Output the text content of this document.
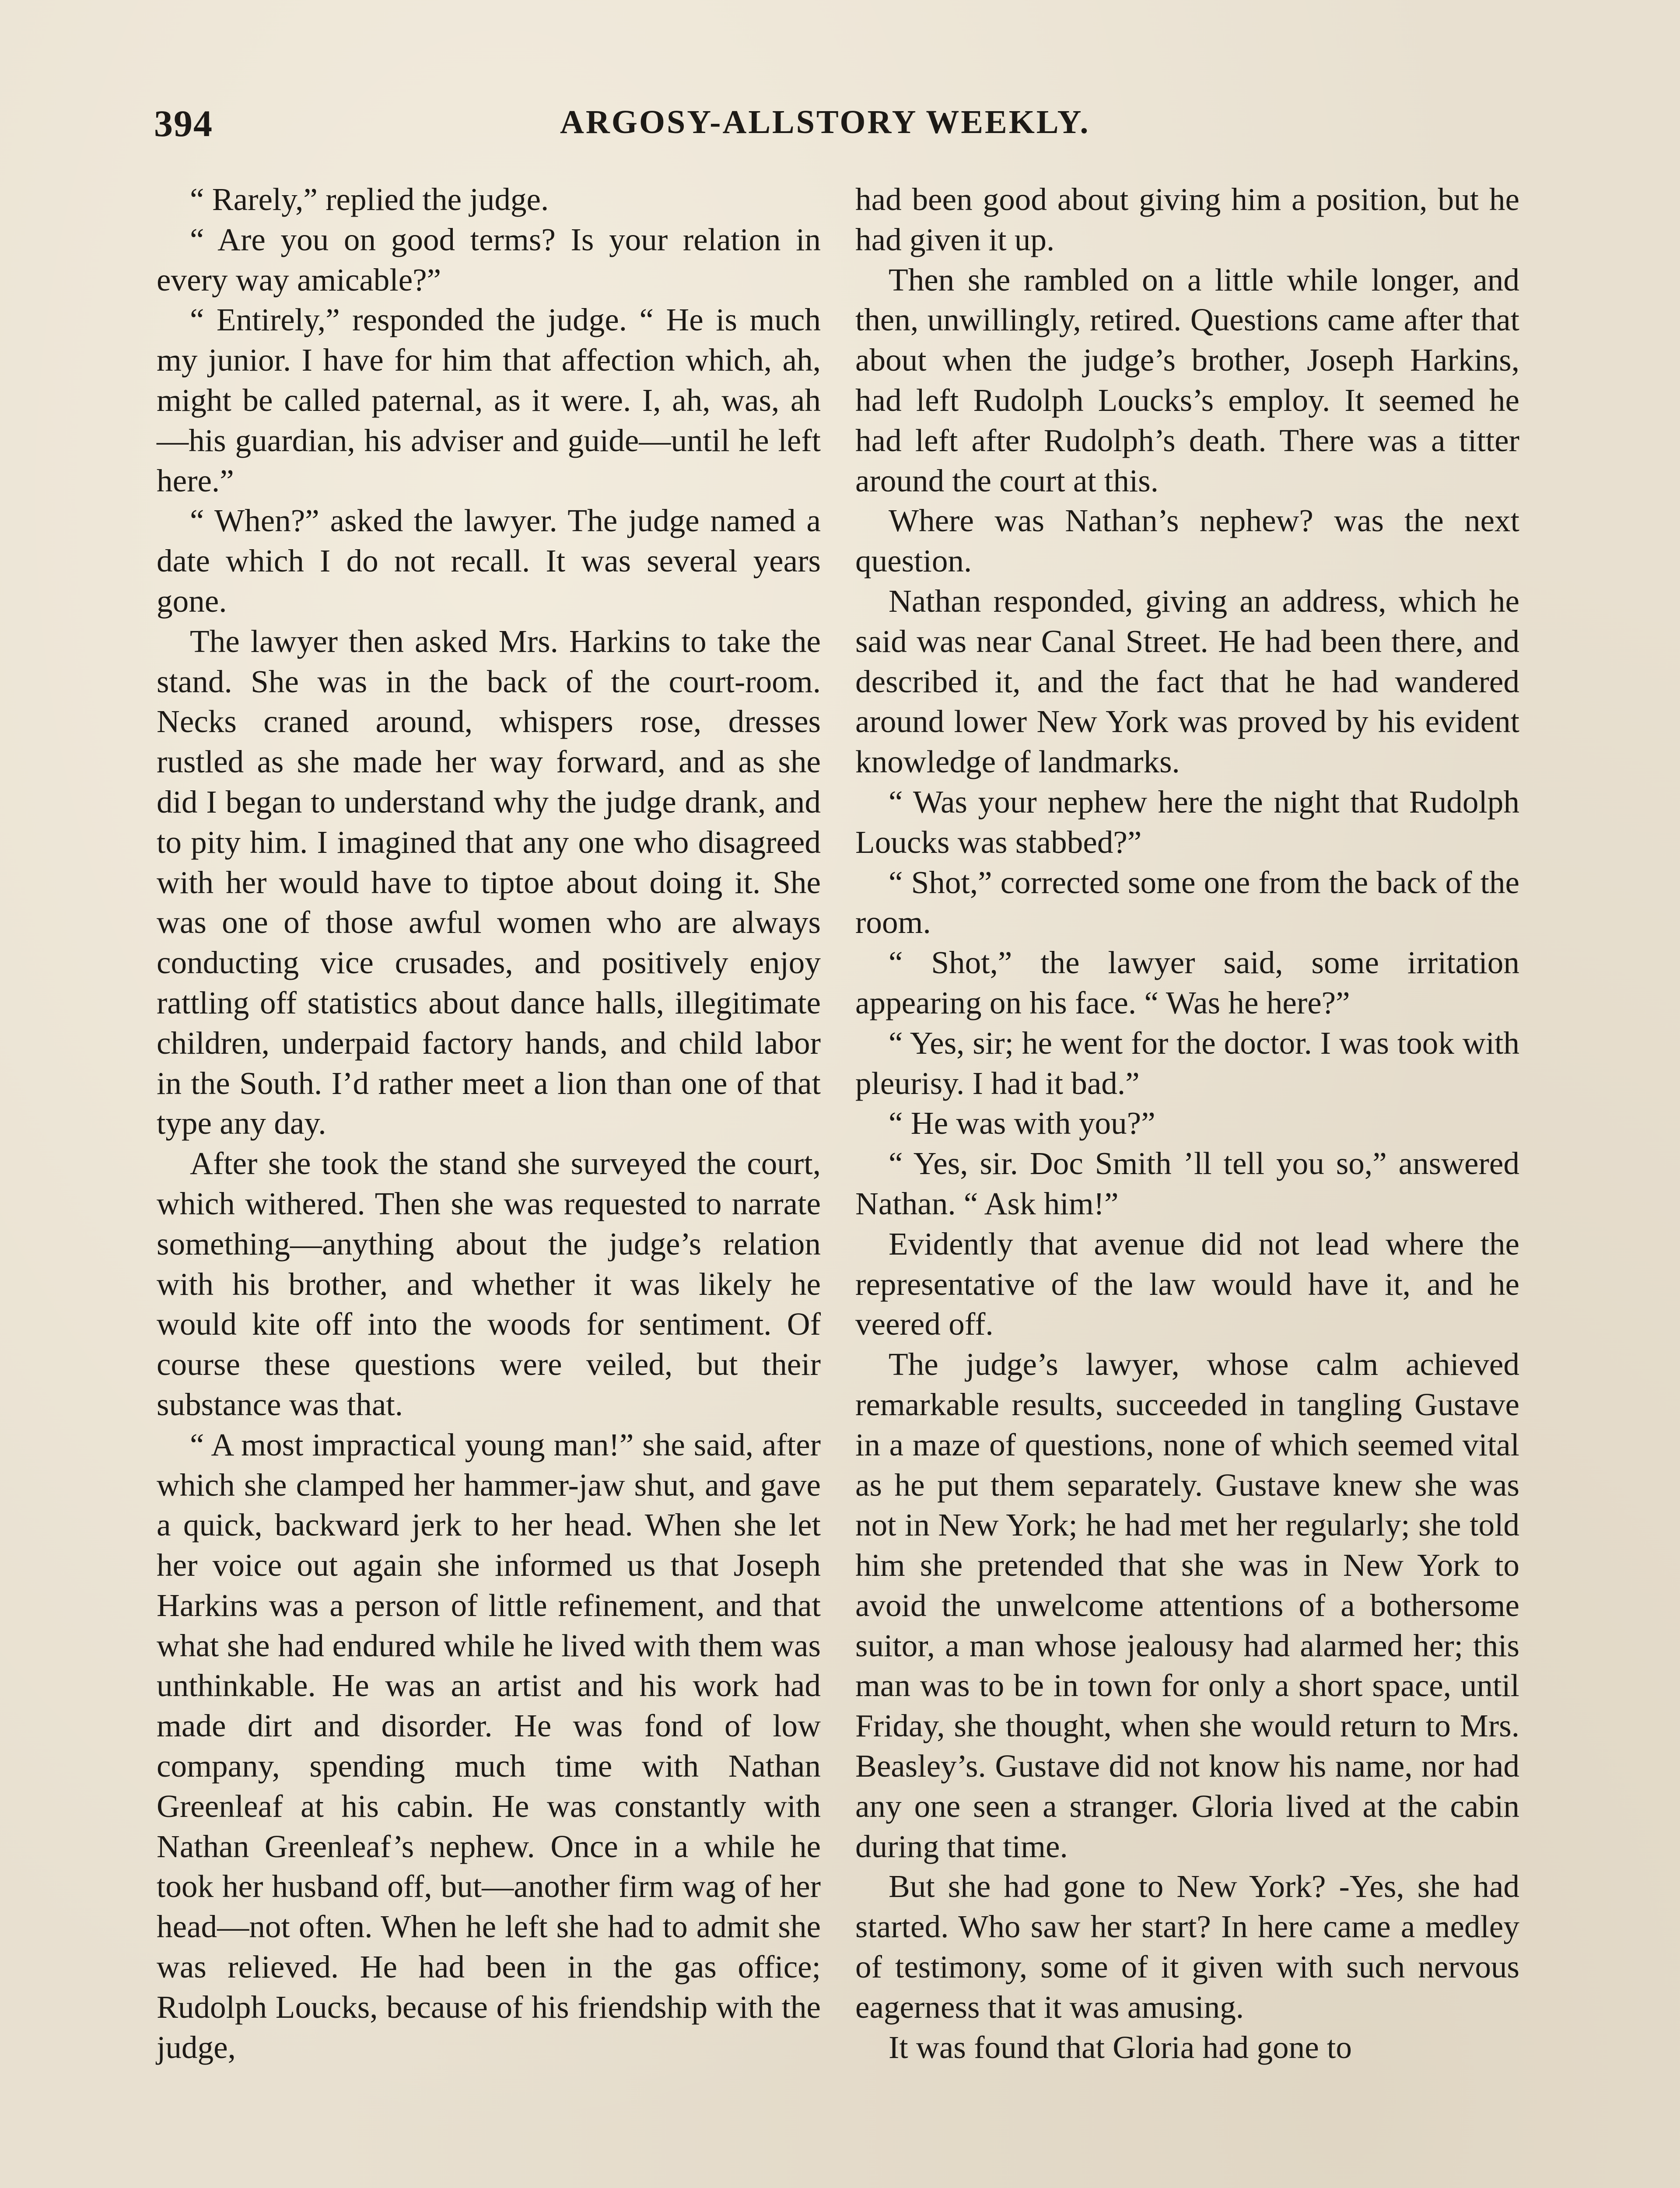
394	ARGOSY-ALLSTORY WEEKLY.

“ Rarely,” replied the judge.

“ Are you on good terms? Is your relation in every way amicable?”

“ Entirely,” responded the judge. “ He is much my junior. I have for him that affection which, ah, might be called paternal, as it were. I, ah, was, ah—his guardian, his adviser and guide—until he left here.”

“ When?” asked the lawyer. The judge named a date which I do not recall. It was several years gone.

The lawyer then asked Mrs. Harkins to take the stand. She was in the back of the court-room. Necks craned around, whispers rose, dresses rustled as she made her way forward, and as she did I began to understand why the judge drank, and to pity him. I imagined that any one who disagreed with her would have to tiptoe about doing it. She was one of those awful women who are always conducting vice crusades, and positively enjoy rattling off statistics about dance halls, illegitimate children, underpaid factory hands, and child labor in the South. I’d rather meet a lion than one of that type any day.

After she took the stand she surveyed the court, which withered. Then she was requested to narrate something—anything about the judge’s relation with his brother, and whether it was likely he would kite off into the woods for sentiment. Of course these questions were veiled, but their substance was that.

“ A most impractical young man!” she said, after which she clamped her hammer-jaw shut, and gave a quick, backward jerk to her head. When she let her voice out again she informed us that Joseph Harkins was a person of little refinement, and that what she had endured while he lived with them was unthinkable. He was an artist and his work had made dirt and disorder. He was fond of low company, spending much time with Nathan Greenleaf at his cabin. He was constantly with Nathan Greenleaf’s nephew. Once in a while he took her husband off, but—another firm wag of her head—not often. When he left she had to admit she was relieved. He had been in the gas office; Rudolph Loucks, because of his friendship with the judge,

had been good about giving him a position, but he had given it up.

Then she rambled on a little while longer, and then, unwillingly, retired. Questions came after that about when the judge’s brother, Joseph Harkins, had left Rudolph Loucks’s employ. It seemed he had left after Rudolph’s death. There was a titter around the court at this.

Where was Nathan’s nephew? was the next question.

Nathan responded, giving an address, which he said was near Canal Street. He had been there, and described it, and the fact that he had wandered around lower New York was proved by his evident knowledge of landmarks.

“ Was your nephew here the night that Rudolph Loucks was stabbed?”

“ Shot,” corrected some one from the back of the room.

“ Shot,” the lawyer said, some irritation appearing on his face. “ Was he here?”

“ Yes, sir; he went for the doctor. I was took with pleurisy. I had it bad.”

“ He was with you?”

“ Yes, sir. Doc Smith ’ll tell you so,” answered Nathan. “ Ask him!”

Evidently that avenue did not lead where the representative of the law would have it, and he veered off.

The judge’s lawyer, whose calm achieved remarkable results, succeeded in tangling Gustave in a maze of questions, none of which seemed vital as he put them separately. Gustave knew she was not in New York; he had met her regularly; she told him she pretended that she was in New York to avoid the unwelcome attentions of a bothersome suitor, a man whose jealousy had alarmed her; this man was to be in town for only a short space, until Friday, she thought, when she would return to Mrs. Beasley’s. Gustave did not know his name, nor had any one seen a stranger. Gloria lived at the cabin during that time.

But she had gone to New York? -Yes, she had started. Who saw her start? In here came a medley of testimony, some of it given with such nervous eagerness that it was amusing.

It was found that Gloria had gone to
